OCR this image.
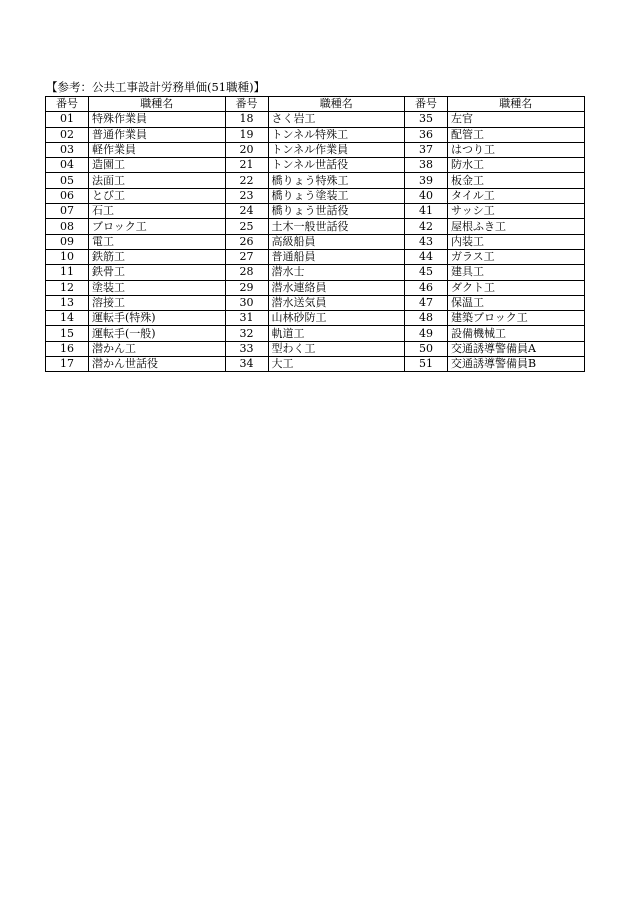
【参考：公共工事設計労務単価(51職種)】
番号	職種名	番号	職種名	番号	職種名
01	特殊作業員	18	さく岩工	35	左官
02	普通作業員	19	トンネル特殊工	36	配管工
03	軽作業員	20	トンネル作業員	37	はつり工
04	造園工	21	トンネル世話役	38	防水工
05	法面工	22	橋りょう特殊工	39	板金工
06	とび工	23	橋りょう塗装工	40	タイル工
07	石工	24	橋りょう世話役	41	サッシ工
08	ブロック工	25	土木一般世話役	42	屋根ふき工
09	電工	26	高級船員	43	内装工
10	鉄筋工	27	普通船員	44	ガラス工
11	鉄骨工	28	潜水士	45	建具工
12	塗装工	29	潜水連絡員	46	ダクト工
13	溶接工	30	潜水送気員	47	保温工
14	運転手(特殊)	31	山林砂防工	48	建築ブロック工
15	運転手(一般)	32	軌道工	49	設備機械工
16	潜かん工	33	型わく工	50	交通誘導警備員A
17	潜かん世話役	34	大工	51	交通誘導警備員B
